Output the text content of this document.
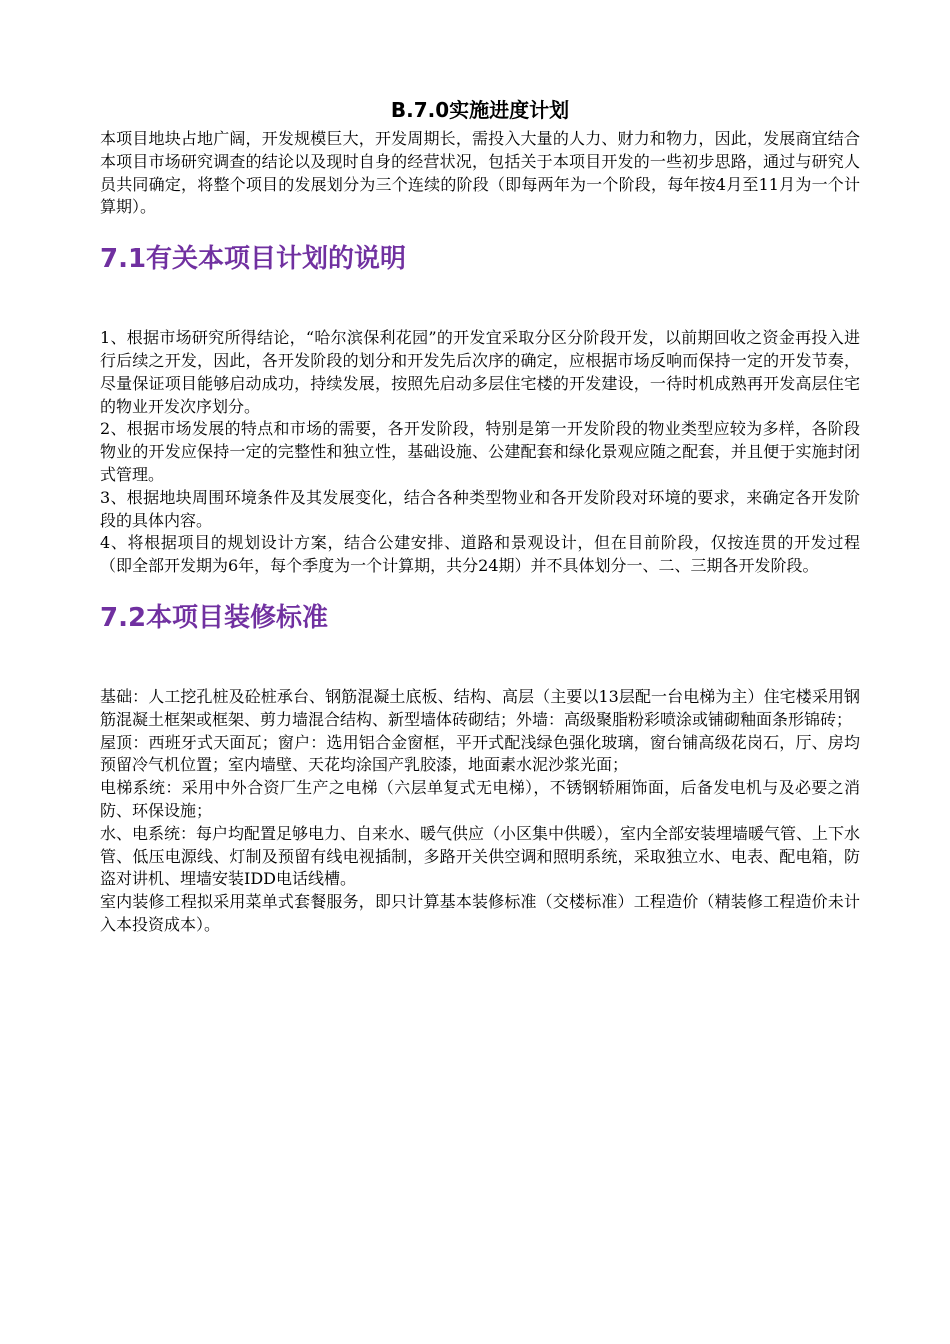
B.7.0实施进度计划

本项目地块占地广阔，开发规模巨大，开发周期长，需投入大量的人力、财力和物力，因此，发展商宜结合本项目市场研究调查的结论以及现时自身的经营状况，包括关于本项目开发的一些初步思路，通过与研究人员共同确定，将整个项目的发展划分为三个连续的阶段（即每两年为一个阶段，每年按4月至11月为一个计算期）。

7.1有关本项目计划的说明

1、根据市场研究所得结论，“哈尔滨保利花园”的开发宜采取分区分阶段开发，以前期回收之资金再投入进行后续之开发，因此，各开发阶段的划分和开发先后次序的确定，应根据市场反响而保持一定的开发节奏，尽量保证项目能够启动成功，持续发展，按照先启动多层住宅楼的开发建设，一待时机成熟再开发高层住宅的物业开发次序划分。

2、根据市场发展的特点和市场的需要，各开发阶段，特别是第一开发阶段的物业类型应较为多样，各阶段物业的开发应保持一定的完整性和独立性，基础设施、公建配套和绿化景观应随之配套，并且便于实施封闭式管理。

3、根据地块周围环境条件及其发展变化，结合各种类型物业和各开发阶段对环境的要求，来确定各开发阶段的具体内容。

4、将根据项目的规划设计方案，结合公建安排、道路和景观设计，但在目前阶段，仅按连贯的开发过程（即全部开发期为6年，每个季度为一个计算期，共分24期）并不具体划分一、二、三期各开发阶段。

7.2本项目装修标准

基础：人工挖孔桩及砼桩承台、钢筋混凝土底板、结构、高层（主要以13层配一台电梯为主）住宅楼采用钢筋混凝土框架或框架、剪力墙混合结构、新型墙体砖砌结；外墙：高级聚脂粉彩喷涂或铺砌釉面条形锦砖；

屋顶：西班牙式天面瓦；窗户：选用铝合金窗框，平开式配浅绿色强化玻璃，窗台铺高级花岗石，厅、房均预留冷气机位置；室内墙壁、天花均涂国产乳胶漆，地面素水泥沙浆光面；

电梯系统：采用中外合资厂生产之电梯（六层单复式无电梯），不锈钢轿厢饰面，后备发电机与及必要之消防、环保设施；

水、电系统：每户均配置足够电力、自来水、暖气供应（小区集中供暖），室内全部安装埋墙暖气管、上下水管、低压电源线、灯制及预留有线电视插制，多路开关供空调和照明系统，采取独立水、电表、配电箱，防盗对讲机、埋墙安装IDD电话线槽。

室内装修工程拟采用菜单式套餐服务，即只计算基本装修标准（交楼标准）工程造价（精装修工程造价未计入本投资成本）。
